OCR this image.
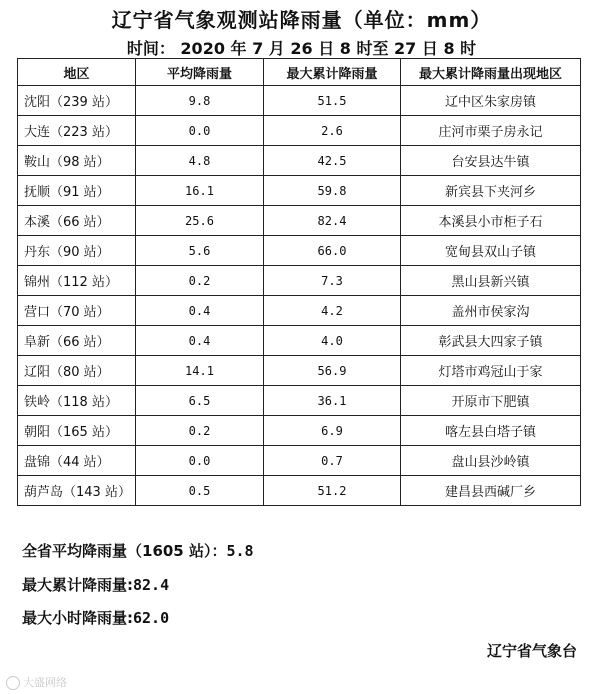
辽宁省气象观测站降雨量（单位：mm）
时间： 2020 年 7 月 26 日 8 时至 27 日 8 时
地区	平均降雨量	最大累计降雨量	最大累计降雨量出现地区
沈阳（239 站）	9.8	51.5	辽中区朱家房镇
大连（223 站）	0.0	2.6	庄河市栗子房永记
鞍山（98 站）	4.8	42.5	台安县达牛镇
抚顺（91 站）	16.1	59.8	新宾县下夹河乡
本溪（66 站）	25.6	82.4	本溪县小市柜子石
丹东（90 站）	5.6	66.0	宽甸县双山子镇
锦州（112 站）	0.2	7.3	黑山县新兴镇
营口（70 站）	0.4	4.2	盖州市侯家沟
阜新（66 站）	0.4	4.0	彰武县大四家子镇
辽阳（80 站）	14.1	56.9	灯塔市鸡冠山于家
铁岭（118 站）	6.5	36.1	开原市下肥镇
朝阳（165 站）	0.2	6.9	喀左县白塔子镇
盘锦（44 站）	0.0	0.7	盘山县沙岭镇
葫芦岛（143 站）	0.5	51.2	建昌县西碱厂乡
全省平均降雨量（1605 站）：5.8
最大累计降雨量:82.4
最大小时降雨量:62.0
辽宁省气象台
大盛网络
